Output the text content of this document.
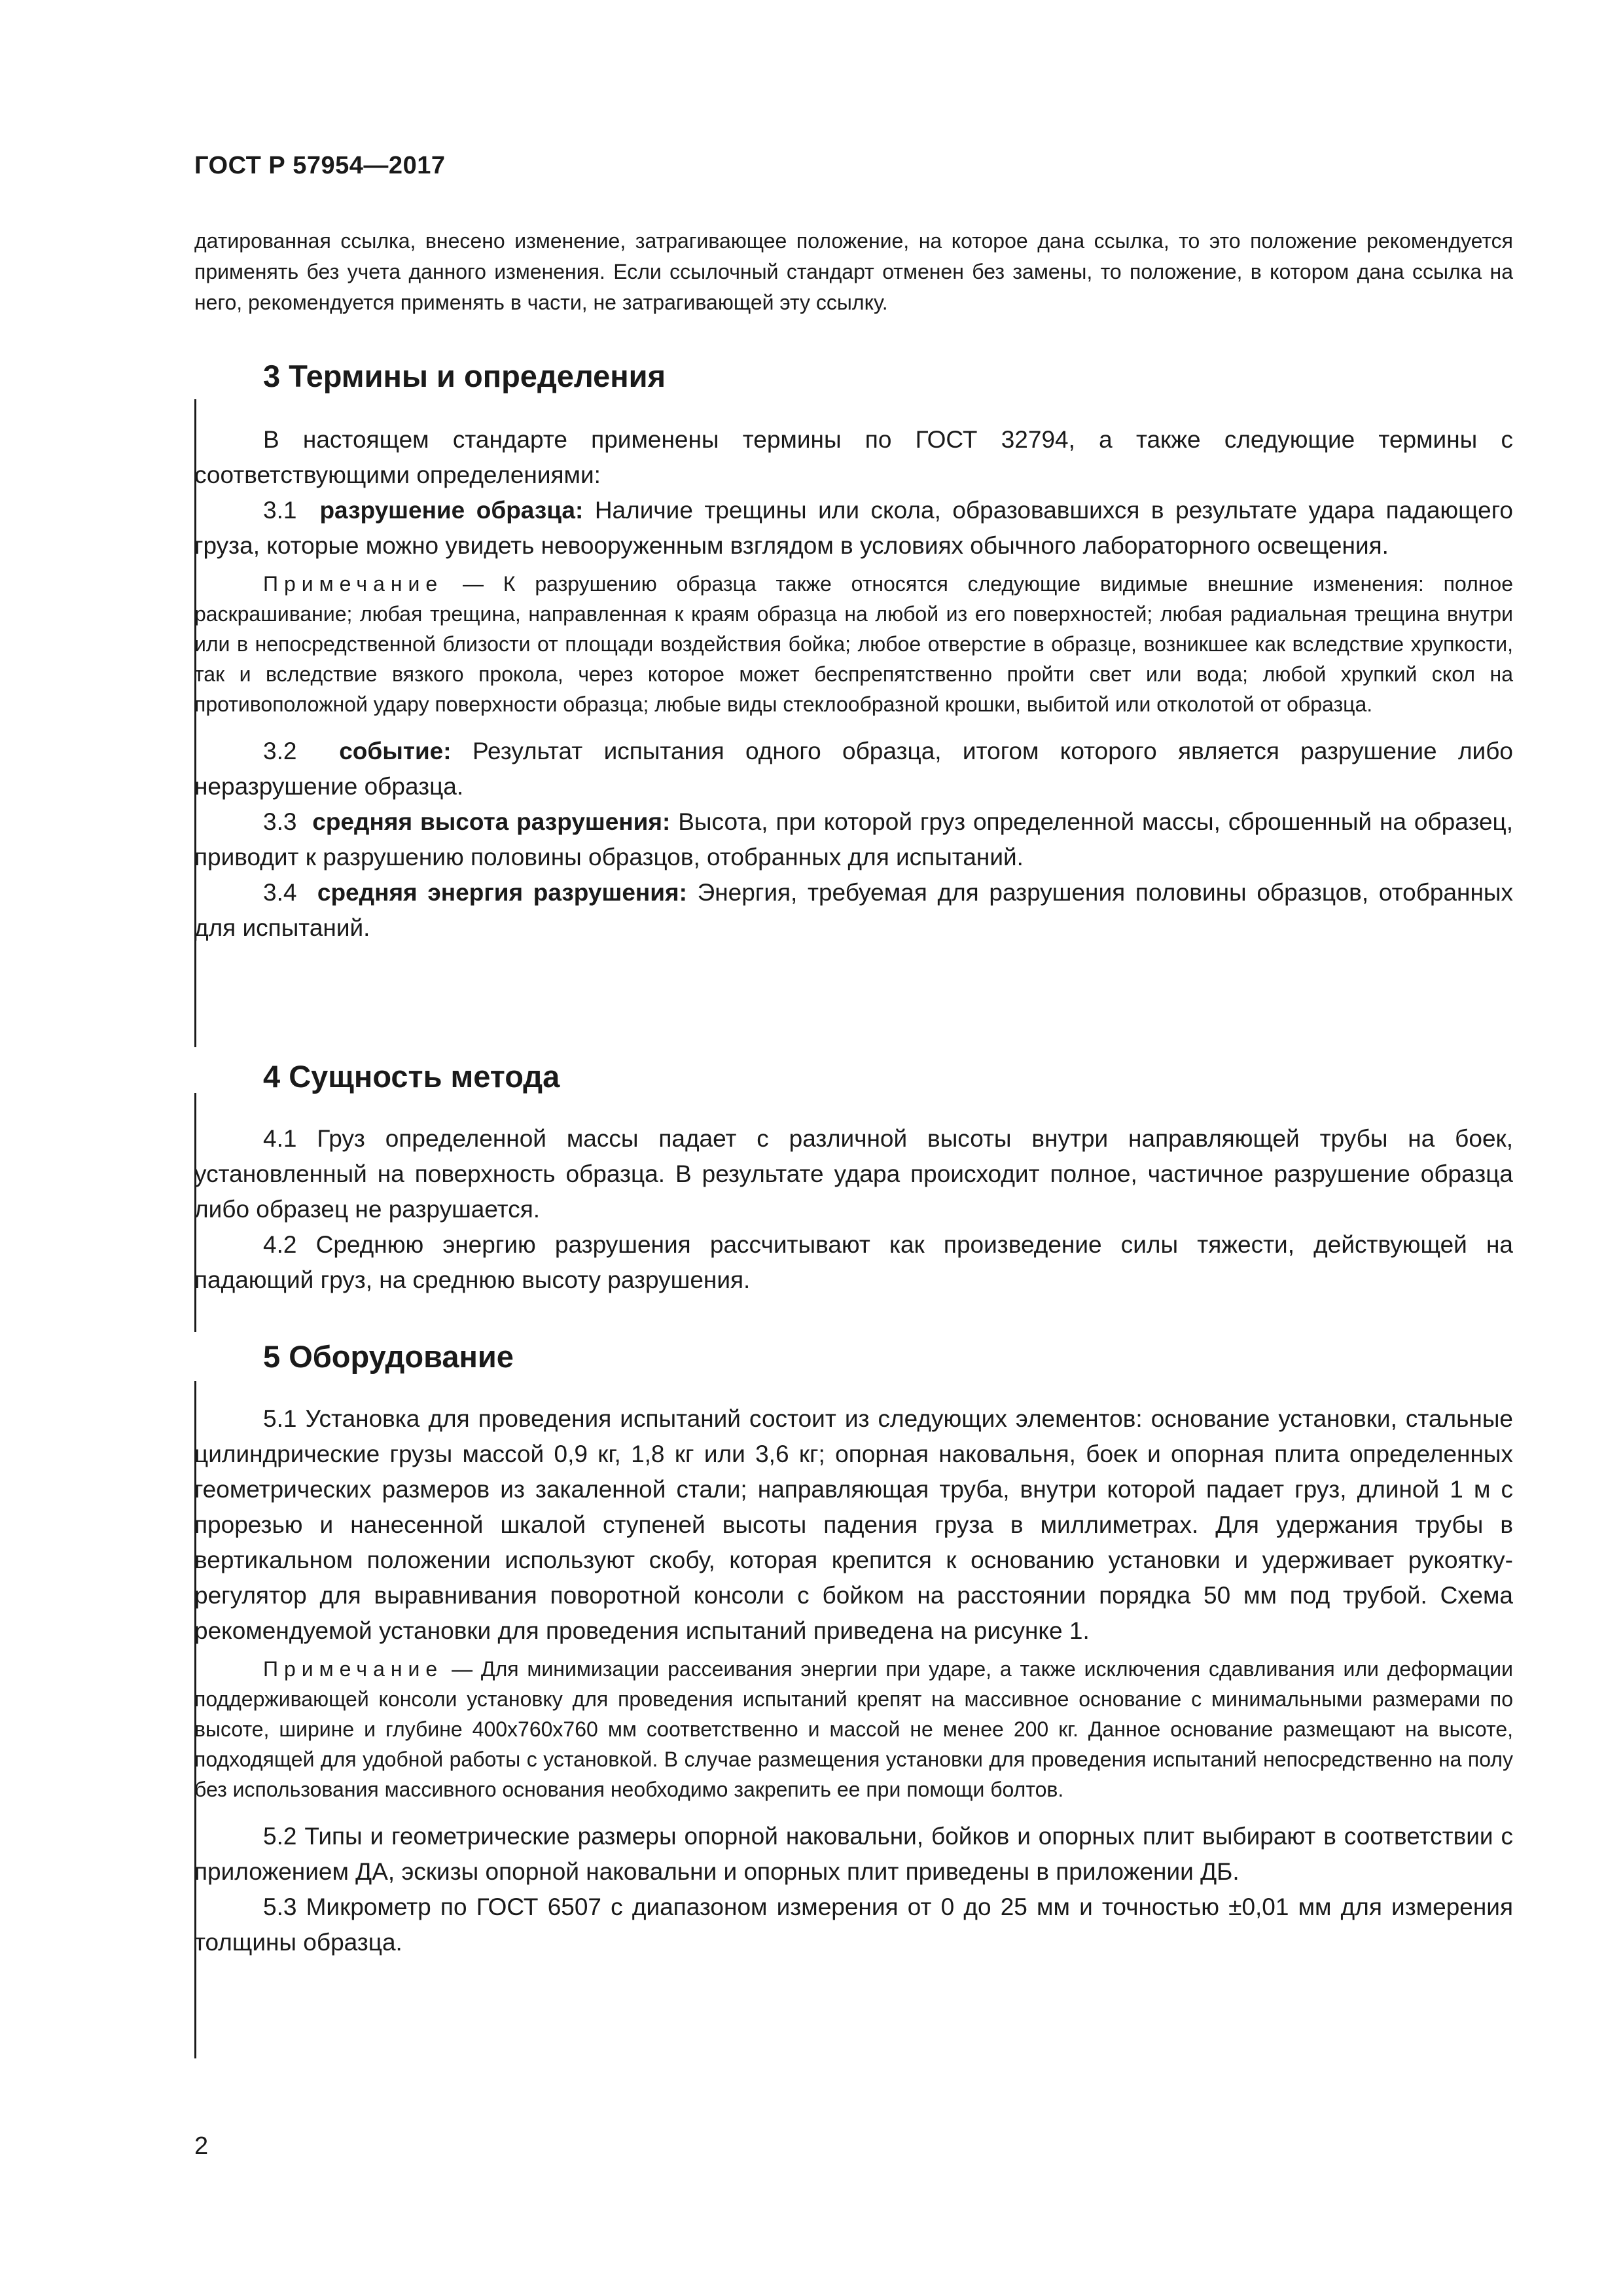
ГОСТ Р 57954—2017
датированная ссылка, внесено изменение, затрагивающее положение, на которое дана ссылка, то это положение рекомендуется применять без учета данного изменения. Если ссылочный стандарт отменен без замены, то положение, в котором дана ссылка на него, рекомендуется применять в части, не затрагивающей эту ссылку.
3 Термины и определения

В настоящем стандарте применены термины по ГОСТ 32794, а также следующие термины с соответствующими определениями:

3.1 разрушение образца: Наличие трещины или скола, образовавшихся в результате удара падающего груза, которые можно увидеть невооруженным взглядом в условиях обычного лабораторного освещения.

Примечание — К разрушению образца также относятся следующие видимые внешние изменения: полное раскрашивание; любая трещина, направленная к краям образца на любой из его поверхностей; любая радиальная трещина внутри или в непосредственной близости от площади воздействия бойка; любое отверстие в образце, возникшее как вследствие хрупкости, так и вследствие вязкого прокола, через которое может беспрепятственно пройти свет или вода; любой хрупкий скол на противоположной удару поверхности образца; любые виды стеклообразной крошки, выбитой или отколотой от образца.

3.2 событие: Результат испытания одного образца, итогом которого является разрушение либо неразрушение образца.

3.3 средняя высота разрушения: Высота, при которой груз определенной массы, сброшенный на образец, приводит к разрушению половины образцов, отобранных для испытаний.

3.4 средняя энергия разрушения: Энергия, требуемая для разрушения половины образцов, отобранных для испытаний.

4 Сущность метода

4.1 Груз определенной массы падает с различной высоты внутри направляющей трубы на боек, установленный на поверхность образца. В результате удара происходит полное, частичное разрушение образца либо образец не разрушается.

4.2 Среднюю энергию разрушения рассчитывают как произведение силы тяжести, действующей на падающий груз, на среднюю высоту разрушения.

5 Оборудование

5.1 Установка для проведения испытаний состоит из следующих элементов: основание установки, стальные цилиндрические грузы массой 0,9 кг, 1,8 кг или 3,6 кг; опорная наковальня, боек и опорная плита определенных геометрических размеров из закаленной стали; направляющая труба, внутри которой падает груз, длиной 1 м с прорезью и нанесенной шкалой ступеней высоты падения груза в миллиметрах. Для удержания трубы в вертикальном положении используют скобу, которая крепится к основанию установки и удерживает рукоятку-регулятор для выравнивания поворотной консоли с бойком на расстоянии порядка 50 мм под трубой. Схема рекомендуемой установки для проведения испытаний приведена на рисунке 1.

Примечание — Для минимизации рассеивания энергии при ударе, а также исключения сдавливания или деформации поддерживающей консоли установку для проведения испытаний крепят на массивное основание с минимальными размерами по высоте, ширине и глубине 400х760х760 мм соответственно и массой не менее 200 кг. Данное основание размещают на высоте, подходящей для удобной работы с установкой. В случае размещения установки для проведения испытаний непосредственно на полу без использования массивного основания необходимо закрепить ее при помощи болтов.

5.2 Типы и геометрические размеры опорной наковальни, бойков и опорных плит выбирают в соответствии с приложением ДА, эскизы опорной наковальни и опорных плит приведены в приложении ДБ.

5.3 Микрометр по ГОСТ 6507 с диапазоном измерения от 0 до 25 мм и точностью ±0,01 мм для измерения толщины образца.

2
